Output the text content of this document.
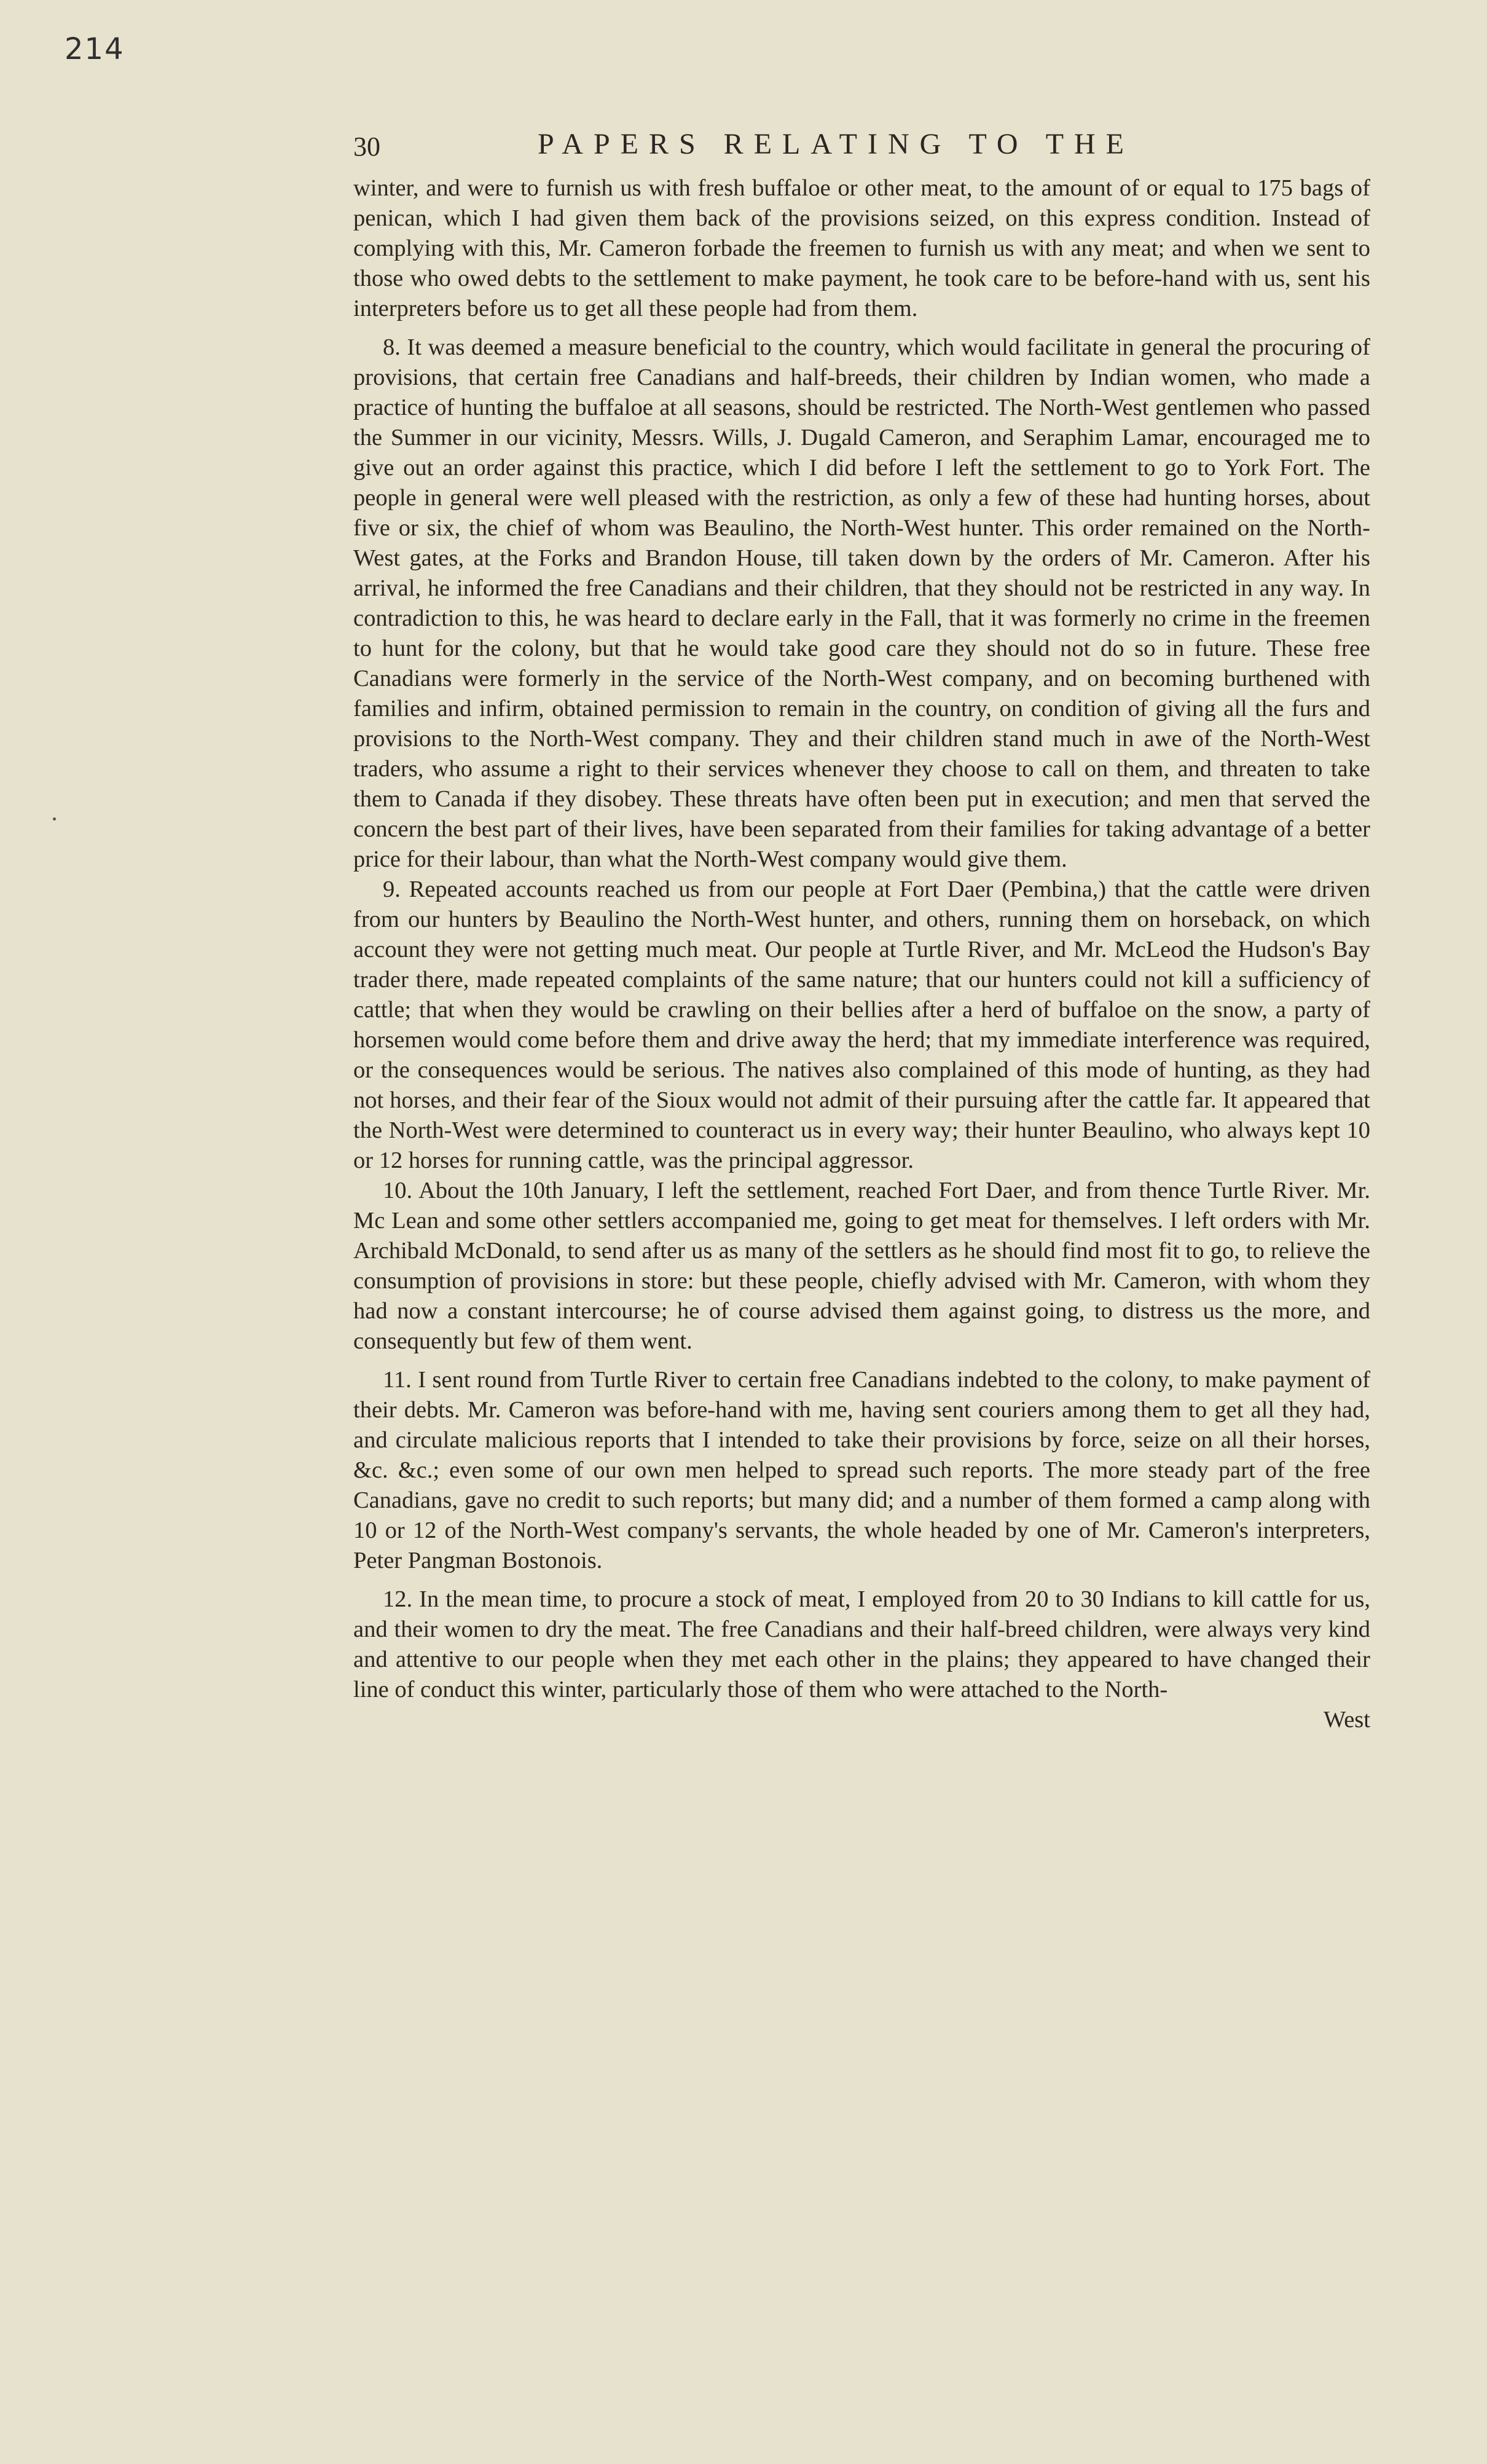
214
30	PAPERS RELATING TO THE

winter, and were to furnish us with fresh buffaloe or other meat, to the amount of or equal to 175 bags of penican, which I had given them back of the provisions seized, on this express condition. Instead of complying with this, Mr. Cameron forbade the freemen to furnish us with any meat; and when we sent to those who owed debts to the settlement to make payment, he took care to be before-hand with us, sent his interpreters before us to get all these people had from them.

8. It was deemed a measure beneficial to the country, which would facilitate in general the procuring of provisions, that certain free Canadians and half-breeds, their children by Indian women, who made a practice of hunting the buffaloe at all seasons, should be restricted. The North-West gentlemen who passed the Summer in our vicinity, Messrs. Wills, J. Dugald Cameron, and Seraphim Lamar, encouraged me to give out an order against this practice, which I did before I left the settlement to go to York Fort. The people in general were well pleased with the restriction, as only a few of these had hunting horses, about five or six, the chief of whom was Beaulino, the North-West hunter. This order remained on the North-West gates, at the Forks and Brandon House, till taken down by the orders of Mr. Cameron. After his arrival, he informed the free Canadians and their children, that they should not be restricted in any way. In contradiction to this, he was heard to declare early in the Fall, that it was formerly no crime in the freemen to hunt for the colony, but that he would take good care they should not do so in future. These free Canadians were formerly in the service of the North-West company, and on becoming burthened with families and infirm, obtained permission to remain in the country, on condition of giving all the furs and provisions to the North-West company. They and their children stand much in awe of the North-West traders, who assume a right to their services whenever they choose to call on them, and threaten to take them to Canada if they disobey. These threats have often been put in execution; and men that served the concern the best part of their lives, have been separated from their families for taking advantage of a better price for their labour, than what the North-West company would give them.

9. Repeated accounts reached us from our people at Fort Daer (Pembina,) that the cattle were driven from our hunters by Beaulino the North-West hunter, and others, running them on horseback, on which account they were not getting much meat. Our people at Turtle River, and Mr. McLeod the Hudson's Bay trader there, made repeated complaints of the same nature; that our hunters could not kill a sufficiency of cattle; that when they would be crawling on their bellies after a herd of buffaloe on the snow, a party of horsemen would come before them and drive away the herd; that my immediate interference was required, or the consequences would be serious. The natives also complained of this mode of hunting, as they had not horses, and their fear of the Sioux would not admit of their pursuing after the cattle far. It appeared that the North-West were determined to counteract us in every way; their hunter Beaulino, who always kept 10 or 12 horses for running cattle, was the principal aggressor.

10. About the 10th January, I left the settlement, reached Fort Daer, and from thence Turtle River. Mr. Mc Lean and some other settlers accompanied me, going to get meat for themselves. I left orders with Mr. Archibald McDonald, to send after us as many of the settlers as he should find most fit to go, to relieve the consumption of provisions in store: but these people, chiefly advised with Mr. Cameron, with whom they had now a constant intercourse; he of course advised them against going, to distress us the more, and consequently but few of them went.

11. I sent round from Turtle River to certain free Canadians indebted to the colony, to make payment of their debts. Mr. Cameron was before-hand with me, having sent couriers among them to get all they had, and circulate malicious reports that I intended to take their provisions by force, seize on all their horses, &c. &c.; even some of our own men helped to spread such reports. The more steady part of the free Canadians, gave no credit to such reports; but many did; and a number of them formed a camp along with 10 or 12 of the North-West company's servants, the whole headed by one of Mr. Cameron's interpreters, Peter Pangman Bostonois.

12. In the mean time, to procure a stock of meat, I employed from 20 to 30 Indians to kill cattle for us, and their women to dry the meat. The free Canadians and their half-breed children, were always very kind and attentive to our people when they met each other in the plains; they appeared to have changed their line of conduct this winter, particularly those of them who were attached to the North-

West
